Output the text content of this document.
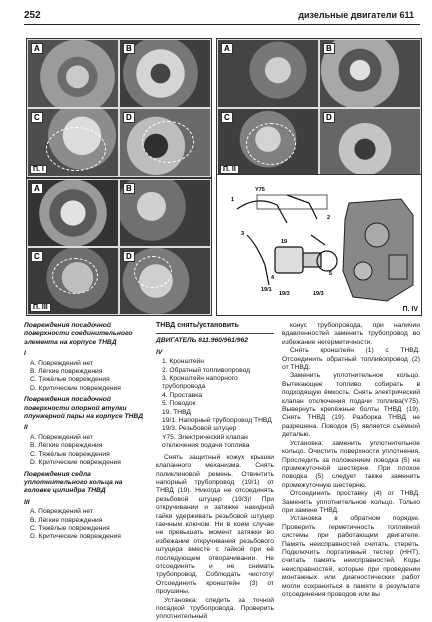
252	дизельные двигатели 611
A	B
C	D
П. I
A	B
C	D
П. II
A	B
C	D
П. III
Y75
1
2
3
4
5
19
19/1
19/3	19/3
П. IV

Повреждения посадочной поверхности соединительного элемента на корпусе ТНВД

I

A. Повреждений нет
B. Лёгкие повреждения
C. Тяжёлые повреждения
D. Критические повреждения

Повреждения посадочной поверхности опорной втулки плунжерной пары на корпусе ТНВД

II

A. Повреждений нет
B. Лёгкие повреждения
C. Тяжёлые повреждения
D. Критические повреждения

Повреждения седла уплотнительного кольца на головке цилиндра ТНВД

III

A. Повреждений нет
B. Лёгкие повреждения
C. Тяжёлые повреждения
D. Критические повреждения

ТНВД снять/установить

ДВИГАТЕЛЬ 611.960/961/962

IV

1. Кронштейн
2. Обратный топливопровод
3. Кронштейн напорного трубопровода
4. Проставка
5. Поводок
19. ТНВД
19/1. Напорный трубопровод ТНВД
19/3. Резьбовой штуцер
Y75. Электрический клапан отключения подачи топлива

Снять защитный кожух крышки клапанного механизма. Снять поликлиновой ремень. Отвинтить напорный трубопровод (19/1) от ТНВД (19). Никогда не отсоединять резьбовой штуцер (19/3)! При откручивании и затяжке накидной гайки удерживать резьбовой штуцер гаечным ключом. Ни в коем случае не превышать момент затяжки во избежание откручивания резьбового штуцера вместе с гайкой при её последующем отворачивании. Не отсоединять и не снимать трубопровод. Соблюдать чистоту! Отсоединить кронштейн (3) от проушины.

Установка: следить за точной посадкой трубопровода. Проверить уплотнительный

конус трубопровода, при наличии вдавленностей заменить трубопровод во избежание негерметичности.

Снять кронштейн (1) с ТНВД. Отсоединить обратный топливопровод (2) от ТНВД.

Заменить уплотнительное кольцо. Вытекающее топливо собирать в подходящую ёмкость. Снять электрический клапан отключения подачи топлива(Y75). Вывернуть крепёжные болты ТНВД (19). Снять ТНВД (19). Разборка ТНВД не разрешена. Поводок (5) является съёмной деталью.

Установка: заменить уплотнительное кольцо. Очистить поверхности уплотнения. Проследить за положением поводка (5) на промежуточной шестерне. При плохое поводка (5) следует также заменить промежуточную шестерню.

Отсоединить проставку (4) от ТНВД. Заменить уплотнительное кольцо. Только при замене ТНВД.

Установка в обратном порядке. Проверить герметичность топливной системы при работающем двигателе. Память неисправностей считать, стереть. Подключить портативный тестер (ННТ), считать память неисправностей. Коды неисправностей, которые при проведении монтажных или диагностических работ могли сохраниться в памяти в результате отсоединения проводов или вы
